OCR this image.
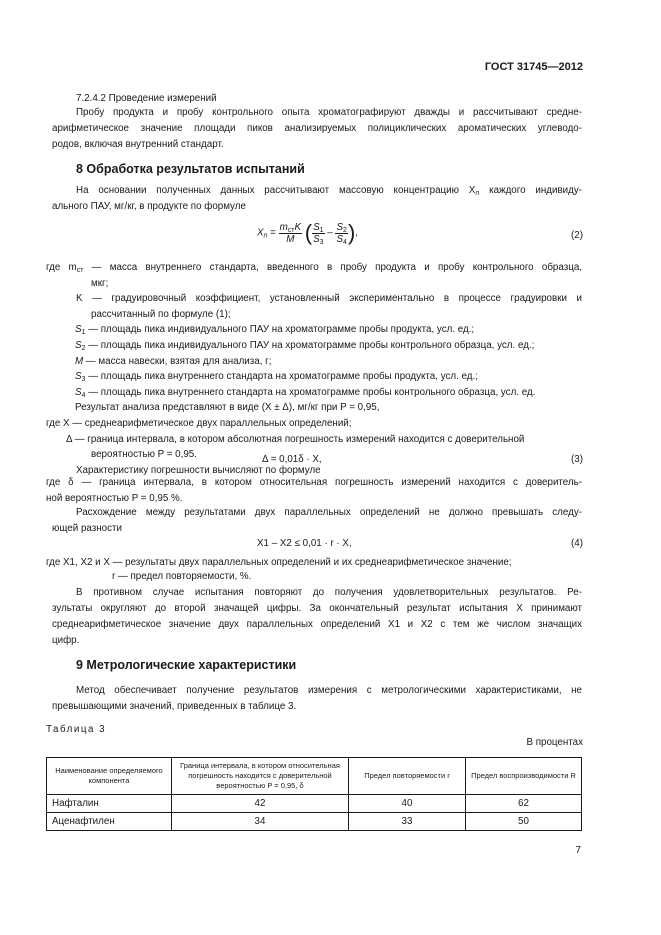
ГОСТ 31745—2012
7.2.4.2 Проведение измерений
Пробу продукта и пробу контрольного опыта хроматографируют дважды и рассчитывают средне-
арифметическое значение площади пиков анализируемых полициклических ароматических углеводо-
родов, включая внутренний стандарт.
8 Обработка результатов испытаний
На основании полученных данных рассчитывают массовую концентрацию $X_n$ каждого индивиду-
ального ПАУ, мг/кг, в продукте по формуле
$X_n = \frac{m_{ст}K}{M}$ ( $\frac{S_1}{S_3} - \frac{S_2}{S_4}$ ),	(2)
где $m_{ст}$ — масса внутреннего стандарта, введенного в пробу продукта и пробу контрольного образца,
мкг;
K — градуировочный коэффициент, установленный экспериментально в процессе градуировки и
рассчитанный по формуле (1);
$S_1$ — площадь пика индивидуального ПАУ на хроматограмме пробы продукта, усл. ед.;
$S_2$ — площадь пика индивидуального ПАУ на хроматограмме пробы контрольного образца, усл. ед.;
M — масса навески, взятая для анализа, г;
$S_3$ — площадь пика внутреннего стандарта на хроматограмме пробы продукта, усл. ед.;
$S_4$ — площадь пика внутреннего стандарта на хроматограмме пробы контрольного образца, усл. ед.
Результат анализа представляют в виде (X ± Δ), мг/кг при P = 0,95,
где X — среднеарифметическое двух параллельных определений;
Δ — граница интервала, в котором абсолютная погрешность измерений находится с доверительной
вероятностью P = 0,95.
Характеристику погрешности вычисляют по формуле
Δ = 0,01δ · X,	(3)
где δ — граница интервала, в котором относительная погрешность измерений находится с доверитель-
ной вероятностью P = 0,95 %.
Расхождение между результатами двух параллельных определений не должно превышать следу-
ющей разности
X1 – X2 ≤ 0,01 · r · X,	(4)
где X1, X2 и X — результаты двух параллельных определений и их среднеарифметическое значение;
r — предел повторяемости, %.
В противном случае испытания повторяют до получения удовлетворительных результатов. Ре-
зультаты округляют до второй значащей цифры. За окончательный результат испытания X принимают
среднеарифметическое значение двух параллельных определений X1 и X2 с тем же числом значащих
цифр.
9 Метрологические характеристики
Метод обеспечивает получение результатов измерения с метрологическими характеристиками, не
превышающими значений, приведенных в таблице 3.
Таблица 3
В процентах
Наименование определяемого компонента	Граница интервала, в котором относительная погрешность находится с доверительной вероятностью P = 0,95, δ	Предел повторяемости r	Предел воспроизводимости R
Нафталин	42	40	62
Аценафтилен	34	33	50
7
